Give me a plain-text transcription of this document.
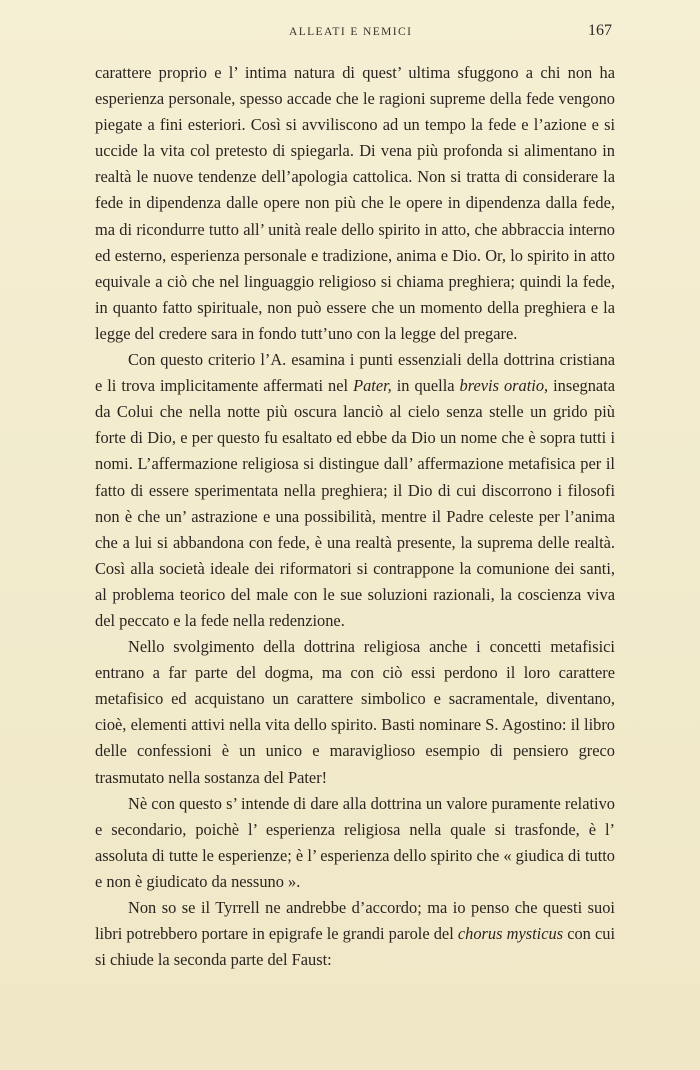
ALLEATI E NEMICI	167

carattere proprio e l’ intima natura di quest’ ultima sfuggono a chi non ha esperienza personale, spesso accade che le ragioni supreme della fede vengono piegate a fini esteriori. Così si avviliscono ad un tempo la fede e l’azione e si uccide la vita col pretesto di spiegarla. Di vena più profonda si alimentano in realtà le nuove tendenze dell’apologia cattolica. Non si tratta di considerare la fede in dipendenza dalle opere non più che le opere in dipendenza dalla fede, ma di ricondurre tutto all’ unità reale dello spirito in atto, che abbraccia interno ed esterno, esperienza personale e tradizione, anima e Dio. Or, lo spirito in atto equivale a ciò che nel linguaggio religioso si chiama preghiera; quindi la fede, in quanto fatto spirituale, non può essere che un momento della preghiera e la legge del credere sara in fondo tutt’uno con la legge del pregare.

Con questo criterio l’A. esamina i punti essenziali della dottrina cristiana e li trova implicitamente affermati nel Pater, in quella brevis oratio, insegnata da Colui che nella notte più oscura lanciò al cielo senza stelle un grido più forte di Dio, e per questo fu esaltato ed ebbe da Dio un nome che è sopra tutti i nomi. L’affermazione religiosa si distingue dall’ affermazione metafisica per il fatto di essere sperimentata nella preghiera; il Dio di cui discorrono i filosofi non è che un’ astrazione e una possibilità, mentre il Padre celeste per l’anima che a lui si abbandona con fede, è una realtà presente, la suprema delle realtà. Così alla società ideale dei riformatori si contrappone la comunione dei santi, al problema teorico del male con le sue soluzioni razionali, la coscienza viva del peccato e la fede nella redenzione.

Nello svolgimento della dottrina religiosa anche i concetti metafisici entrano a far parte del dogma, ma con ciò essi perdono il loro carattere metafisico ed acquistano un carattere simbolico e sacramentale, diventano, cioè, elementi attivi nella vita dello spirito. Basti nominare S. Agostino: il libro delle confessioni è un unico e maraviglioso esempio di pensiero greco trasmutato nella sostanza del Pater!

Nè con questo s’ intende di dare alla dottrina un valore puramente relativo e secondario, poichè l’ esperienza religiosa nella quale si trasfonde, è l’ assoluta di tutte le esperienze; è l’ esperienza dello spirito che « giudica di tutto e non è giudicato da nessuno ».

Non so se il Tyrrell ne andrebbe d’accordo; ma io penso che questi suoi libri potrebbero portare in epigrafe le grandi parole del chorus mysticus con cui si chiude la seconda parte del Faust:
